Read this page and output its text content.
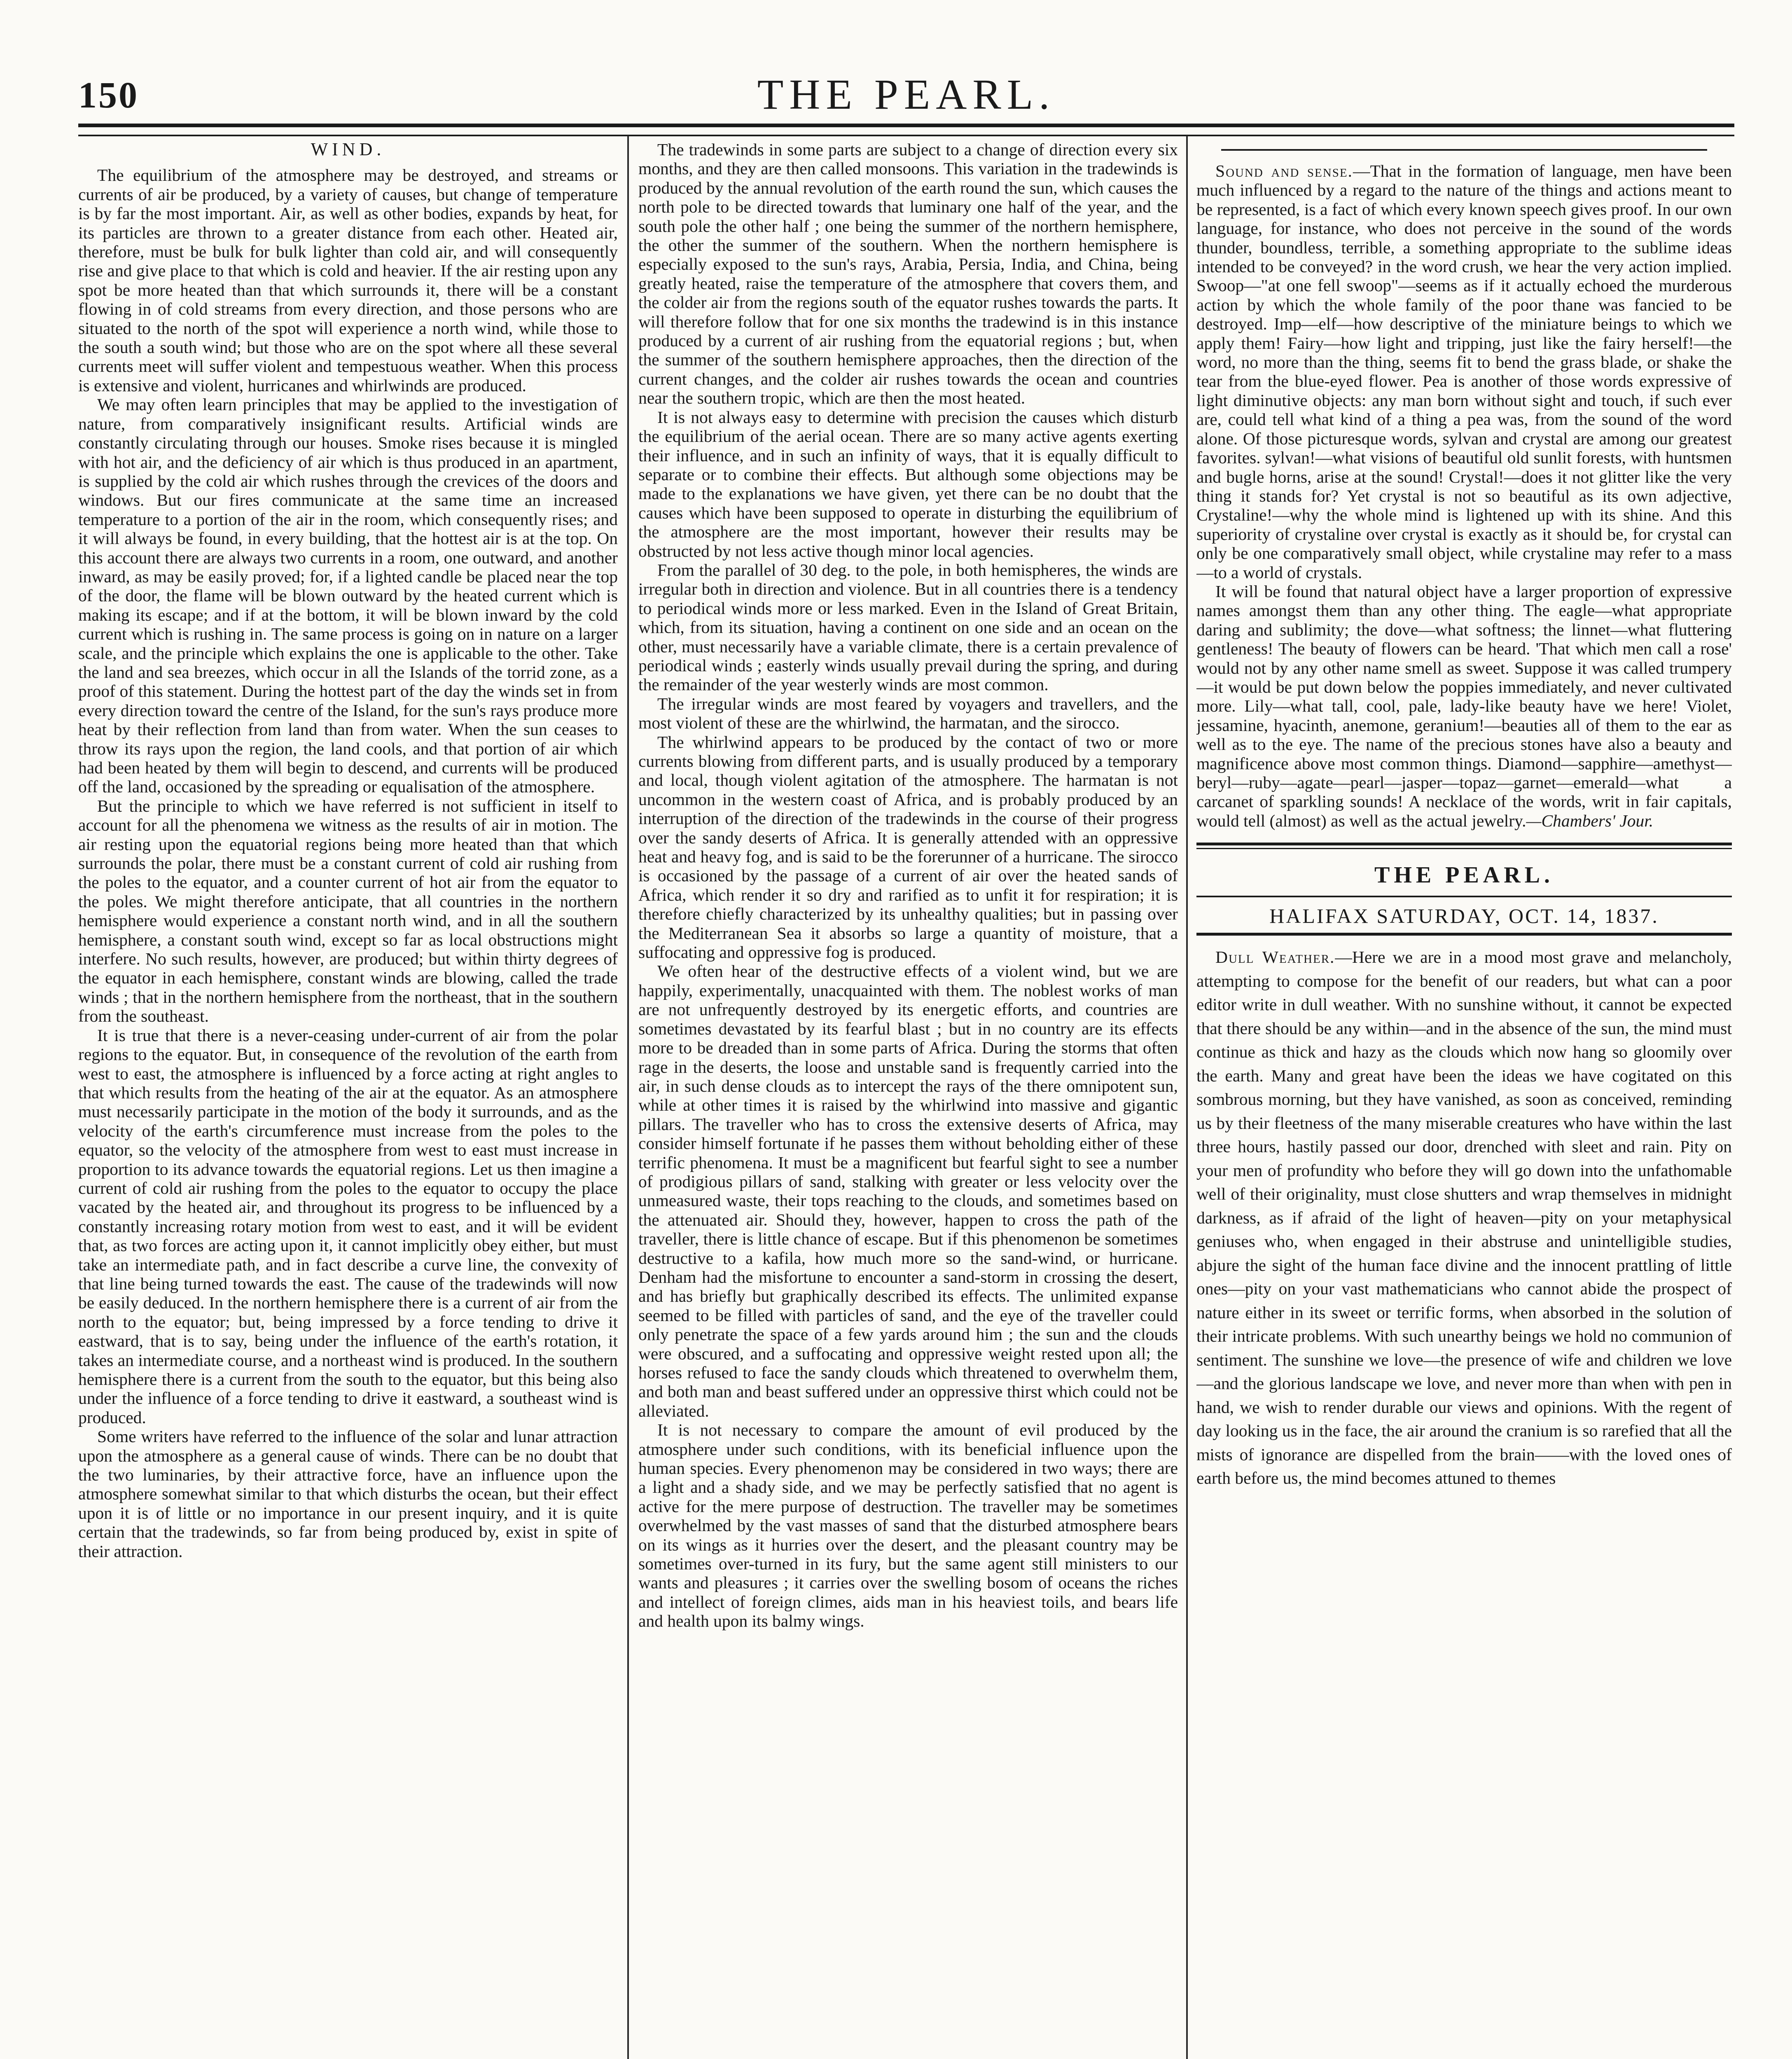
150	THE PEARL.
WIND.

The equilibrium of the atmosphere may be destroyed, and streams or currents of air be produced, by a variety of causes, but change of temperature is by far the most important. Air, as well as other bodies, expands by heat, for its particles are thrown to a greater distance from each other. Heated air, therefore, must be bulk for bulk lighter than cold air, and will consequently rise and give place to that which is cold and heavier. If the air resting upon any spot be more heated than that which surrounds it, there will be a constant flowing in of cold streams from every direction, and those persons who are situated to the north of the spot will experience a north wind, while those to the south a south wind; but those who are on the spot where all these several currents meet will suffer violent and tempestuous weather. When this process is extensive and violent, hurricanes and whirlwinds are produced.

We may often learn principles that may be applied to the investigation of nature, from comparatively insignificant results. Artificial winds are constantly circulating through our houses. Smoke rises because it is mingled with hot air, and the deficiency of air which is thus produced in an apartment, is supplied by the cold air which rushes through the crevices of the doors and windows. But our fires communicate at the same time an increased temperature to a portion of the air in the room, which consequently rises; and it will always be found, in every building, that the hottest air is at the top. On this account there are always two currents in a room, one outward, and another inward, as may be easily proved; for, if a lighted candle be placed near the top of the door, the flame will be blown outward by the heated current which is making its escape; and if at the bottom, it will be blown inward by the cold current which is rushing in. The same process is going on in nature on a larger scale, and the principle which explains the one is applicable to the other. Take the land and sea breezes, which occur in all the Islands of the torrid zone, as a proof of this statement. During the hottest part of the day the winds set in from every direction toward the centre of the Island, for the sun's rays produce more heat by their reflection from land than from water. When the sun ceases to throw its rays upon the region, the land cools, and that portion of air which had been heated by them will begin to descend, and currents will be produced off the land, occasioned by the spreading or equalisation of the atmosphere.

But the principle to which we have referred is not sufficient in itself to account for all the phenomena we witness as the results of air in motion. The air resting upon the equatorial regions being more heated than that which surrounds the polar, there must be a constant current of cold air rushing from the poles to the equator, and a counter current of hot air from the equator to the poles. We might therefore anticipate, that all countries in the northern hemisphere would experience a constant north wind, and in all the southern hemisphere, a constant south wind, except so far as local obstructions might interfere. No such results, however, are produced; but within thirty degrees of the equator in each hemisphere, constant winds are blowing, called the trade winds ; that in the northern hemisphere from the northeast, that in the southern from the southeast.

It is true that there is a never-ceasing under-current of air from the polar regions to the equator. But, in consequence of the revolution of the earth from west to east, the atmosphere is influenced by a force acting at right angles to that which results from the heating of the air at the equator. As an atmosphere must necessarily participate in the motion of the body it surrounds, and as the velocity of the earth's circumference must increase from the poles to the equator, so the velocity of the atmosphere from west to east must increase in proportion to its advance towards the equatorial regions. Let us then imagine a current of cold air rushing from the poles to the equator to occupy the place vacated by the heated air, and throughout its progress to be influenced by a constantly increasing rotary motion from west to east, and it will be evident that, as two forces are acting upon it, it cannot implicitly obey either, but must take an intermediate path, and in fact describe a curve line, the convexity of that line being turned towards the east. The cause of the tradewinds will now be easily deduced. In the northern hemisphere there is a current of air from the north to the equator; but, being impressed by a force tending to drive it eastward, that is to say, being under the influence of the earth's rotation, it takes an intermediate course, and a northeast wind is produced. In the southern hemisphere there is a current from the south to the equator, but this being also under the influence of a force tending to drive it eastward, a southeast wind is produced.

Some writers have referred to the influence of the solar and lunar attraction upon the atmosphere as a general cause of winds. There can be no doubt that the two luminaries, by their attractive force, have an influence upon the atmosphere somewhat similar to that which disturbs the ocean, but their effect upon it is of little or no importance in our present inquiry, and it is quite certain that the tradewinds, so far from being produced by, exist in spite of their attraction.

The tradewinds in some parts are subject to a change of direction every six months, and they are then called monsoons. This variation in the tradewinds is produced by the annual revolution of the earth round the sun, which causes the north pole to be directed towards that luminary one half of the year, and the south pole the other half ; one being the summer of the northern hemisphere, the other the summer of the southern. When the northern hemisphere is especially exposed to the sun's rays, Arabia, Persia, India, and China, being greatly heated, raise the temperature of the atmosphere that covers them, and the colder air from the regions south of the equator rushes towards the parts. It will therefore follow that for one six months the tradewind is in this instance produced by a current of air rushing from the equatorial regions ; but, when the summer of the southern hemisphere approaches, then the direction of the current changes, and the colder air rushes towards the ocean and countries near the southern tropic, which are then the most heated.

It is not always easy to determine with precision the causes which disturb the equilibrium of the aerial ocean. There are so many active agents exerting their influence, and in such an infinity of ways, that it is equally difficult to separate or to combine their effects. But although some objections may be made to the explanations we have given, yet there can be no doubt that the causes which have been supposed to operate in disturbing the equilibrium of the atmosphere are the most important, however their results may be obstructed by not less active though minor local agencies.

From the parallel of 30 deg. to the pole, in both hemispheres, the winds are irregular both in direction and violence. But in all countries there is a tendency to periodical winds more or less marked. Even in the Island of Great Britain, which, from its situation, having a continent on one side and an ocean on the other, must necessarily have a variable climate, there is a certain prevalence of periodical winds ; easterly winds usually prevail during the spring, and during the remainder of the year westerly winds are most common.

The irregular winds are most feared by voyagers and travellers, and the most violent of these are the whirlwind, the harmatan, and the sirocco.

The whirlwind appears to be produced by the contact of two or more currents blowing from different parts, and is usually produced by a temporary and local, though violent agitation of the atmosphere. The harmatan is not uncommon in the western coast of Africa, and is probably produced by an interruption of the direction of the tradewinds in the course of their progress over the sandy deserts of Africa. It is generally attended with an oppressive heat and heavy fog, and is said to be the forerunner of a hurricane. The sirocco is occasioned by the passage of a current of air over the heated sands of Africa, which render it so dry and rarified as to unfit it for respiration; it is therefore chiefly characterized by its unhealthy qualities; but in passing over the Mediterranean Sea it absorbs so large a quantity of moisture, that a suffocating and oppressive fog is produced.

We often hear of the destructive effects of a violent wind, but we are happily, experimentally, unacquainted with them. The noblest works of man are not unfrequently destroyed by its energetic efforts, and countries are sometimes devastated by its fearful blast ; but in no country are its effects more to be dreaded than in some parts of Africa. During the storms that often rage in the deserts, the loose and unstable sand is frequently carried into the air, in such dense clouds as to intercept the rays of the there omnipotent sun, while at other times it is raised by the whirlwind into massive and gigantic pillars. The traveller who has to cross the extensive deserts of Africa, may consider himself fortunate if he passes them without beholding either of these terrific phenomena. It must be a magnificent but fearful sight to see a number of prodigious pillars of sand, stalking with greater or less velocity over the unmeasured waste, their tops reaching to the clouds, and sometimes based on the attenuated air. Should they, however, happen to cross the path of the traveller, there is little chance of escape. But if this phenomenon be sometimes destructive to a kafila, how much more so the sand-wind, or hurricane. Denham had the misfortune to encounter a sand-storm in crossing the desert, and has briefly but graphically described its effects. The unlimited expanse seemed to be filled with particles of sand, and the eye of the traveller could only penetrate the space of a few yards around him ; the sun and the clouds were obscured, and a suffocating and oppressive weight rested upon all; the horses refused to face the sandy clouds which threatened to overwhelm them, and both man and beast suffered under an oppressive thirst which could not be alleviated.

It is not necessary to compare the amount of evil produced by the atmosphere under such conditions, with its beneficial influence upon the human species. Every phenomenon may be considered in two ways; there are a light and a shady side, and we may be perfectly satisfied that no agent is active for the mere purpose of destruction. The traveller may be sometimes overwhelmed by the vast masses of sand that the disturbed atmosphere bears on its wings as it hurries over the desert, and the pleasant country may be sometimes over-turned in its fury, but the same agent still ministers to our wants and pleasures ; it carries over the swelling bosom of oceans the riches and intellect of foreign climes, aids man in his heaviest toils, and bears life and health upon its balmy wings.

Sound and sense.—That in the formation of language, men have been much influenced by a regard to the nature of the things and actions meant to be represented, is a fact of which every known speech gives proof. In our own language, for instance, who does not perceive in the sound of the words thunder, boundless, terrible, a something appropriate to the sublime ideas intended to be conveyed? in the word crush, we hear the very action implied. Swoop—"at one fell swoop"—seems as if it actually echoed the murderous action by which the whole family of the poor thane was fancied to be destroyed. Imp—elf—how descriptive of the miniature beings to which we apply them! Fairy—how light and tripping, just like the fairy herself!—the word, no more than the thing, seems fit to bend the grass blade, or shake the tear from the blue-eyed flower. Pea is another of those words expressive of light diminutive objects: any man born without sight and touch, if such ever are, could tell what kind of a thing a pea was, from the sound of the word alone. Of those picturesque words, sylvan and crystal are among our greatest favorites. sylvan!—what visions of beautiful old sunlit forests, with huntsmen and bugle horns, arise at the sound! Crystal!—does it not glitter like the very thing it stands for? Yet crystal is not so beautiful as its own adjective, Crystaline!—why the whole mind is lightened up with its shine. And this superiority of crystaline over crystal is exactly as it should be, for crystal can only be one comparatively small object, while crystaline may refer to a mass—to a world of crystals.

It will be found that natural object have a larger proportion of expressive names amongst them than any other thing. The eagle—what appropriate daring and sublimity; the dove—what softness; the linnet—what fluttering gentleness! The beauty of flowers can be heard. 'That which men call a rose' would not by any other name smell as sweet. Suppose it was called trumpery—it would be put down below the poppies immediately, and never cultivated more. Lily—what tall, cool, pale, lady-like beauty have we here! Violet, jessamine, hyacinth, anemone, geranium!—beauties all of them to the ear as well as to the eye. The name of the precious stones have also a beauty and magnificence above most common things. Diamond—sapphire—amethyst—beryl—ruby—agate—pearl—jasper—topaz—garnet—emerald—what a carcanet of sparkling sounds! A necklace of the words, writ in fair capitals, would tell (almost) as well as the actual jewelry.—Chambers' Jour.

THE PEARL.
HALIFAX SATURDAY, OCT. 14, 1837.

Dull Weather.—Here we are in a mood most grave and melancholy, attempting to compose for the benefit of our readers, but what can a poor editor write in dull weather. With no sunshine without, it cannot be expected that there should be any within—and in the absence of the sun, the mind must continue as thick and hazy as the clouds which now hang so gloomily over the earth. Many and great have been the ideas we have cogitated on this sombrous morning, but they have vanished, as soon as conceived, reminding us by their fleetness of the many miserable creatures who have within the last three hours, hastily passed our door, drenched with sleet and rain. Pity on your men of profundity who before they will go down into the unfathomable well of their originality, must close shutters and wrap themselves in midnight darkness, as if afraid of the light of heaven—pity on your metaphysical geniuses who, when engaged in their abstruse and unintelligible studies, abjure the sight of the human face divine and the innocent prattling of little ones—pity on your vast mathematicians who cannot abide the prospect of nature either in its sweet or terrific forms, when absorbed in the solution of their intricate problems. With such unearthy beings we hold no communion of sentiment. The sunshine we love—the presence of wife and children we love—and the glorious landscape we love, and never more than when with pen in hand, we wish to render durable our views and opinions. With the regent of day looking us in the face, the air around the cranium is so rarefied that all the mists of ignorance are dispelled from the brain——with the loved ones of earth before us, the mind becomes attuned to themes
